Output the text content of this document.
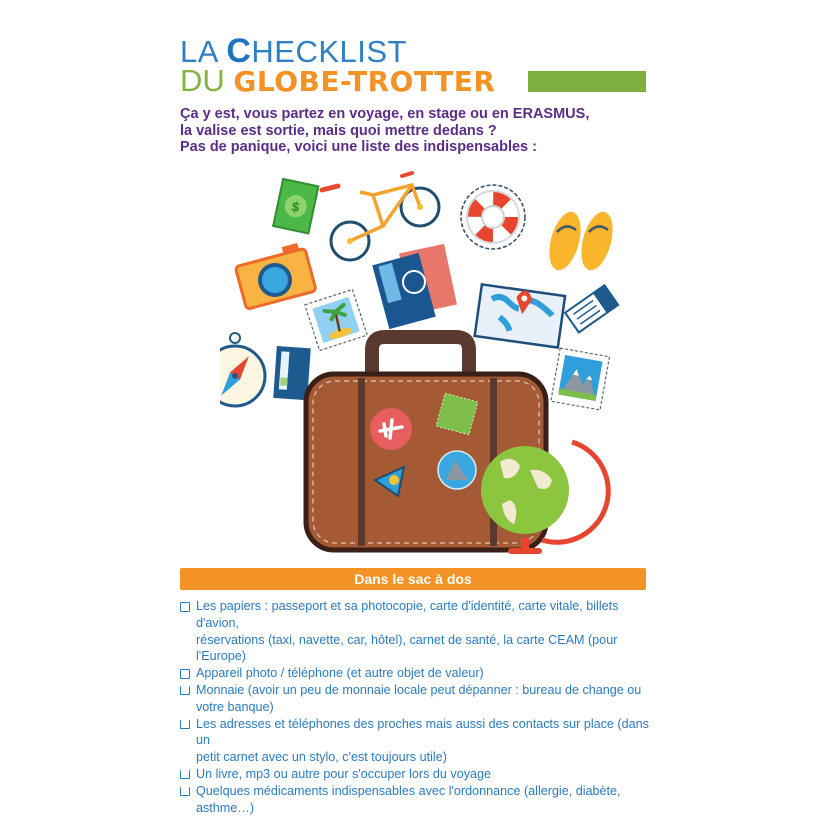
LA CHECKLIST
DU GLOBE-TROTTER
Ça y est, vous partez en voyage, en stage ou en ERASMUS,
la valise est sortie, mais quoi mettre dedans ?
Pas de panique, voici une liste des indispensables :
$
Dans le sac à dos
Les papiers : passeport et sa photocopie, carte d'identité, carte vitale, billets d'avion,
réservations (taxi, navette, car, hôtel), carnet de santé, la carte CEAM (pour l'Europe)
Appareil photo / téléphone (et autre objet de valeur)
Monnaie (avoir un peu de monnaie locale peut dépanner : bureau de change ou
votre banque)
Les adresses et téléphones des proches mais aussi des contacts sur place (dans un
petit carnet avec un stylo, c'est toujours utile)
Un livre, mp3 ou autre pour s'occuper lors du voyage
Quelques médicaments indispensables avec l'ordonnance (allergie, diabète,
asthme…)
